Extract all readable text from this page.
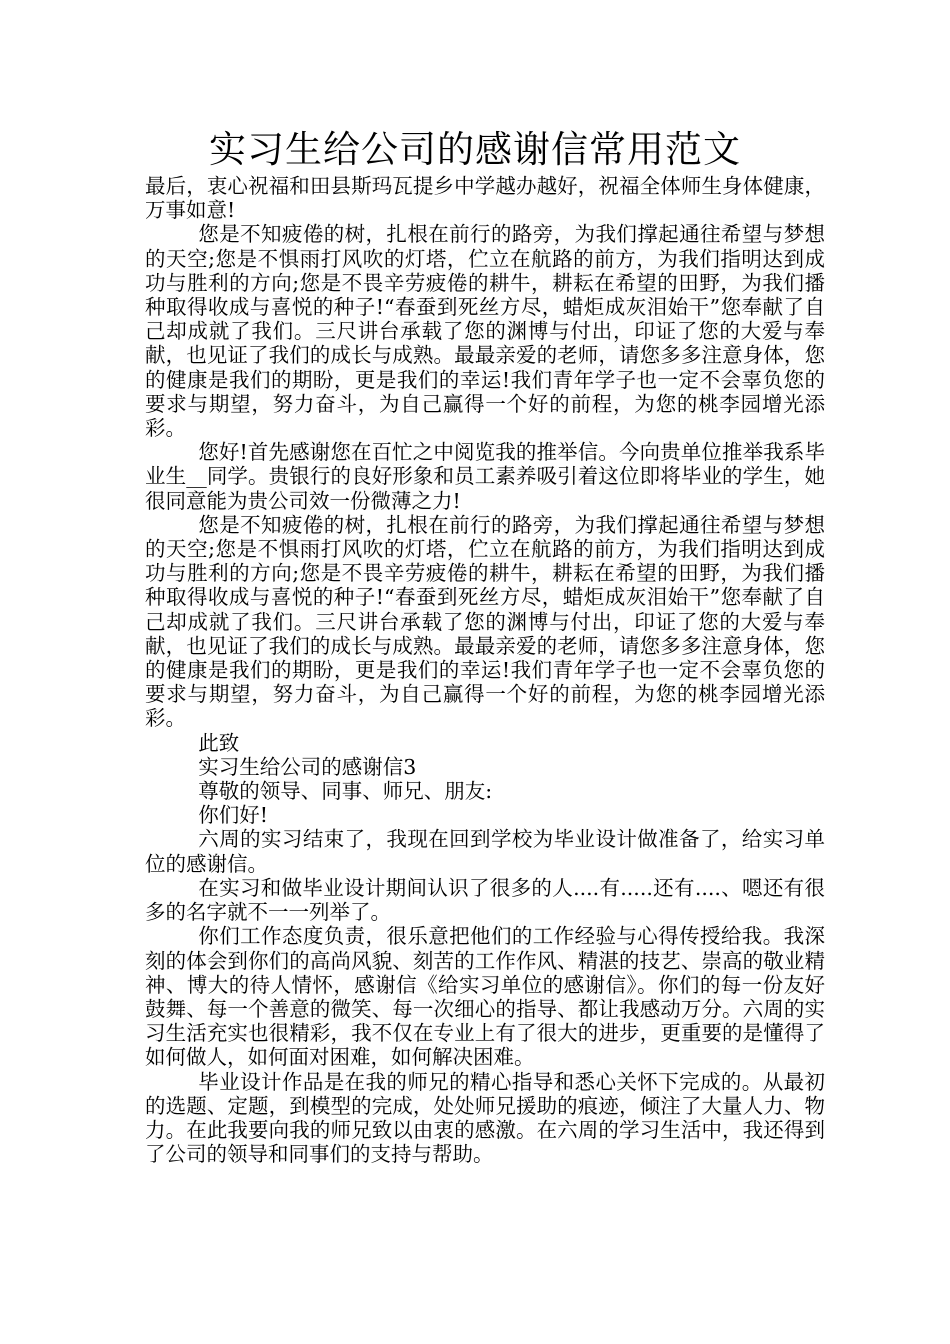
实习生给公司的感谢信常用范文

最后，衷心祝福和田县斯玛瓦提乡中学越办越好，祝福全体师生身体健康，万事如意!

您是不知疲倦的树，扎根在前行的路旁，为我们撑起通往希望与梦想的天空;您是不惧雨打风吹的灯塔，伫立在航路的前方，为我们指明达到成功与胜利的方向;您是不畏辛劳疲倦的耕牛，耕耘在希望的田野，为我们播种取得收成与喜悦的种子!“春蚕到死丝方尽，蜡炬成灰泪始干”您奉献了自己却成就了我们。三尺讲台承载了您的渊博与付出，印证了您的大爱与奉献，也见证了我们的成长与成熟。最最亲爱的老师，请您多多注意身体，您的健康是我们的期盼，更是我们的幸运!我们青年学子也一定不会辜负您的要求与期望，努力奋斗，为自己赢得一个好的前程，为您的桃李园增光添彩。

您好!首先感谢您在百忙之中阅览我的推举信。今向贵单位推举我系毕业生__同学。贵银行的良好形象和员工素养吸引着这位即将毕业的学生，她很同意能为贵公司效一份微薄之力!

您是不知疲倦的树，扎根在前行的路旁，为我们撑起通往希望与梦想的天空;您是不惧雨打风吹的灯塔，伫立在航路的前方，为我们指明达到成功与胜利的方向;您是不畏辛劳疲倦的耕牛，耕耘在希望的田野，为我们播种取得收成与喜悦的种子!“春蚕到死丝方尽，蜡炬成灰泪始干”您奉献了自己却成就了我们。三尺讲台承载了您的渊博与付出，印证了您的大爱与奉献，也见证了我们的成长与成熟。最最亲爱的老师，请您多多注意身体，您的健康是我们的期盼，更是我们的幸运!我们青年学子也一定不会辜负您的要求与期望，努力奋斗，为自己赢得一个好的前程，为您的桃李园增光添彩。

此致

实习生给公司的感谢信3

尊敬的领导、同事、师兄、朋友:

你们好!

六周的实习结束了，我现在回到学校为毕业设计做准备了，给实习单位的感谢信。

在实习和做毕业设计期间认识了很多的人....有.....还有....、嗯还有很多的名字就不一一列举了。

你们工作态度负责，很乐意把他们的工作经验与心得传授给我。我深刻的体会到你们的高尚风貌、刻苦的工作作风、精湛的技艺、崇高的敬业精神、博大的待人情怀，感谢信《给实习单位的感谢信》。你们的每一份友好鼓舞、每一个善意的微笑、每一次细心的指导、都让我感动万分。六周的实习生活充实也很精彩，我不仅在专业上有了很大的进步，更重要的是懂得了如何做人，如何面对困难，如何解决困难。

毕业设计作品是在我的师兄的精心指导和悉心关怀下完成的。从最初的选题、定题，到模型的完成，处处师兄援助的痕迹，倾注了大量人力、物力。在此我要向我的师兄致以由衷的感激。在六周的学习生活中，我还得到了公司的领导和同事们的支持与帮助。
